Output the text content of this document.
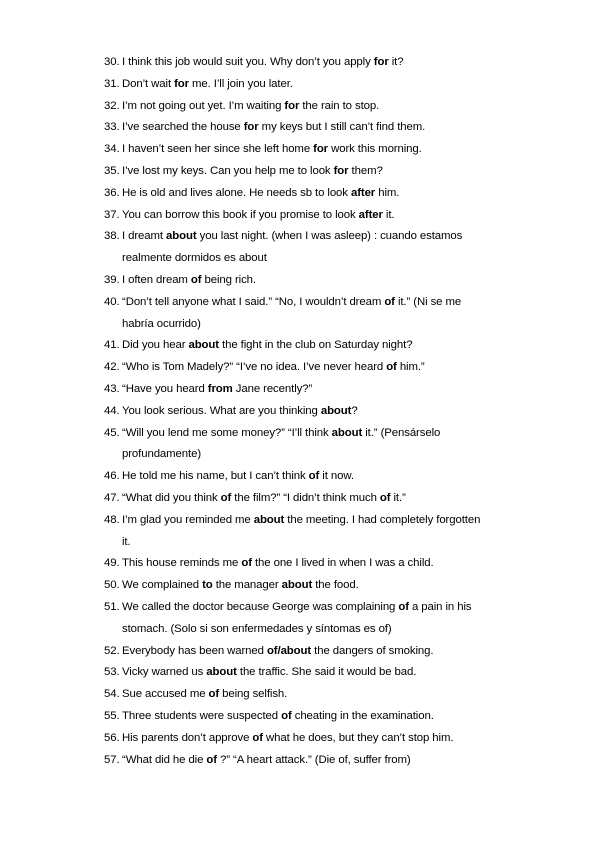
30. I think this job would suit you. Why don’t you apply for it?
31. Don’t wait for me. I’ll join you later.
32. I’m not going out yet. I’m waiting for the rain to stop.
33. I’ve searched the house for my keys but I still can’t find them.
34. I haven’t seen her since she left home for work this morning.
35. I’ve lost my keys. Can you help me to look for them?
36. He is old and lives alone. He needs sb to look after him.
37. You can borrow this book if you promise to look after it.
38. I dreamt about you last night. (when I was asleep) : cuando estamos
realmente dormidos es about
39. I often dream of being rich.
40. “Don’t tell anyone what I said.” “No, I wouldn’t dream of it.” (Ni se me
habría ocurrido)
41. Did you hear about the fight in the club on Saturday night?
42. “Who is Tom Madely?” “I’ve no idea. I’ve never heard of him.”
43. “Have you heard from Jane recently?”
44. You look serious. What are you thinking about?
45. “Will you lend me some money?” “I’ll think about it.” (Pensárselo
profundamente)
46. He told me his name, but I can’t think of it now.
47. “What did you think of the film?” “I didn’t think much of it.”
48. I’m glad you reminded me about the meeting. I had completely forgotten
it.
49. This house reminds me of the one I lived in when I was a child.
50. We complained to the manager about the food.
51. We called the doctor because George was complaining of a pain in his
stomach. (Solo si son enfermedades y síntomas es of)
52. Everybody has been warned of/about the dangers of smoking.
53. Vicky warned us about the traffic. She said it would be bad.
54. Sue accused me of being selfish.
55. Three students were suspected of cheating in the examination.
56. His parents don’t approve of what he does, but they can’t stop him.
57. “What did he die of ?” “A heart attack.” (Die of, suffer from)
